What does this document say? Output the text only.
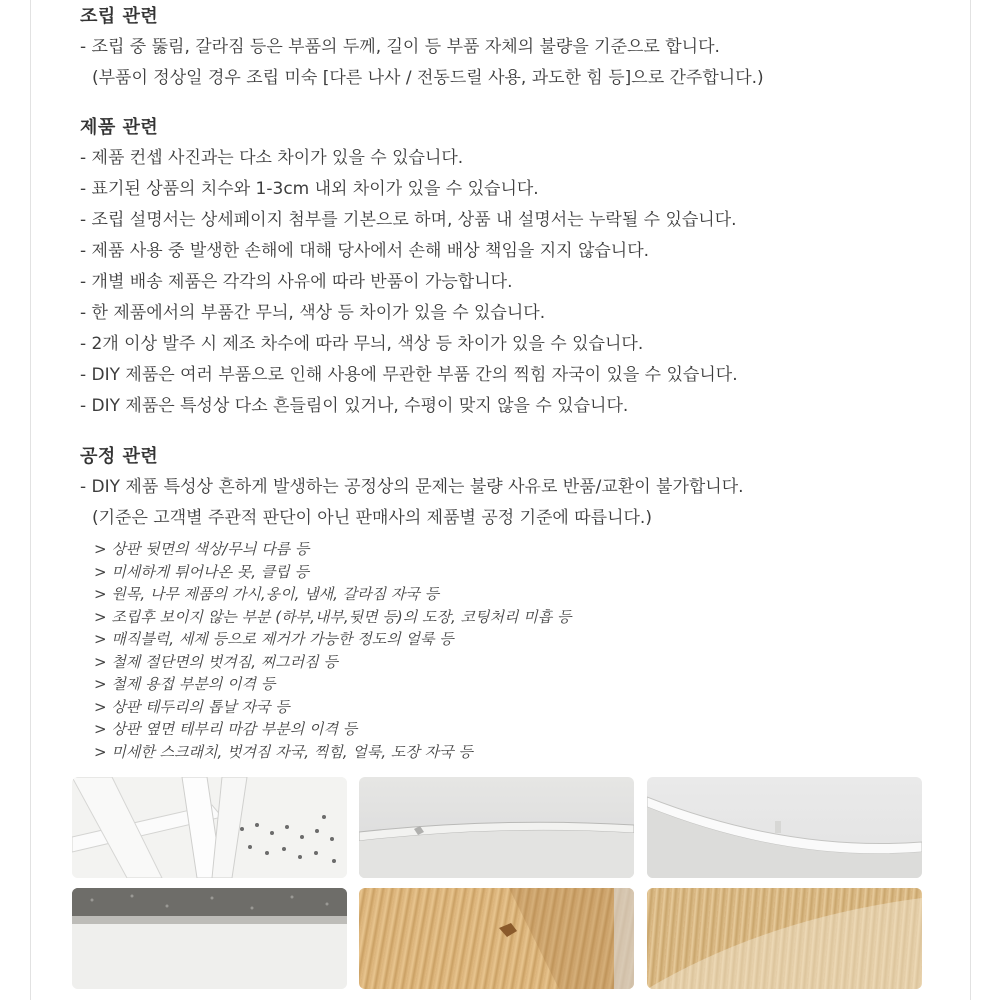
조립 관련
- 조립 중 뚫림, 갈라짐 등은 부품의 두께, 길이 등 부품 자체의 불량을 기준으로 합니다.
(부품이 정상일 경우 조립 미숙 [다른 나사 / 전동드릴 사용, 과도한 힘 등]으로 간주합니다.)
제품 관련
- 제품 컨셉 사진과는 다소 차이가 있을 수 있습니다.
- 표기된 상품의 치수와 1-3cm 내외 차이가 있을 수 있습니다.
- 조립 설명서는 상세페이지 첨부를 기본으로 하며, 상품 내 설명서는 누락될 수 있습니다.
- 제품 사용 중 발생한 손해에 대해 당사에서 손해 배상 책임을 지지 않습니다.
- 개별 배송 제품은 각각의 사유에 따라 반품이 가능합니다.
- 한 제품에서의 부품간 무늬, 색상 등 차이가 있을 수 있습니다.
- 2개 이상 발주 시 제조 차수에 따라 무늬, 색상 등 차이가 있을 수 있습니다.
- DIY 제품은 여러 부품으로 인해 사용에 무관한 부품 간의 찍힘 자국이 있을 수 있습니다.
- DIY 제품은 특성상 다소 흔들림이 있거나, 수평이 맞지 않을 수 있습니다.
공정 관련
- DIY 제품 특성상 흔하게 발생하는 공정상의 문제는 불량 사유로 반품/교환이 불가합니다.
(기준은 고객별 주관적 판단이 아닌 판매사의 제품별 공정 기준에 따릅니다.)
> 상판 뒷면의 색상/무늬 다름 등
> 미세하게 튀어나온 못, 클립 등
> 원목, 나무 제품의 가시,옹이, 냄새, 갈라짐 자국 등
> 조립후 보이지 않는 부분 (하부,내부,뒷면 등)의 도장, 코팅처리 미흡 등
> 매직블럭, 세제 등으로 제거가 가능한 정도의 얼룩 등
> 철제 절단면의 벗겨짐, 찌그러짐 등
> 철제 용접 부분의 이격 등
> 상판 테두리의 톱날 자국 등
> 상판 옆면 테부리 마감 부분의 이격 등
> 미세한 스크래치, 벗겨짐 자국, 찍힘, 얼룩, 도장 자국 등
